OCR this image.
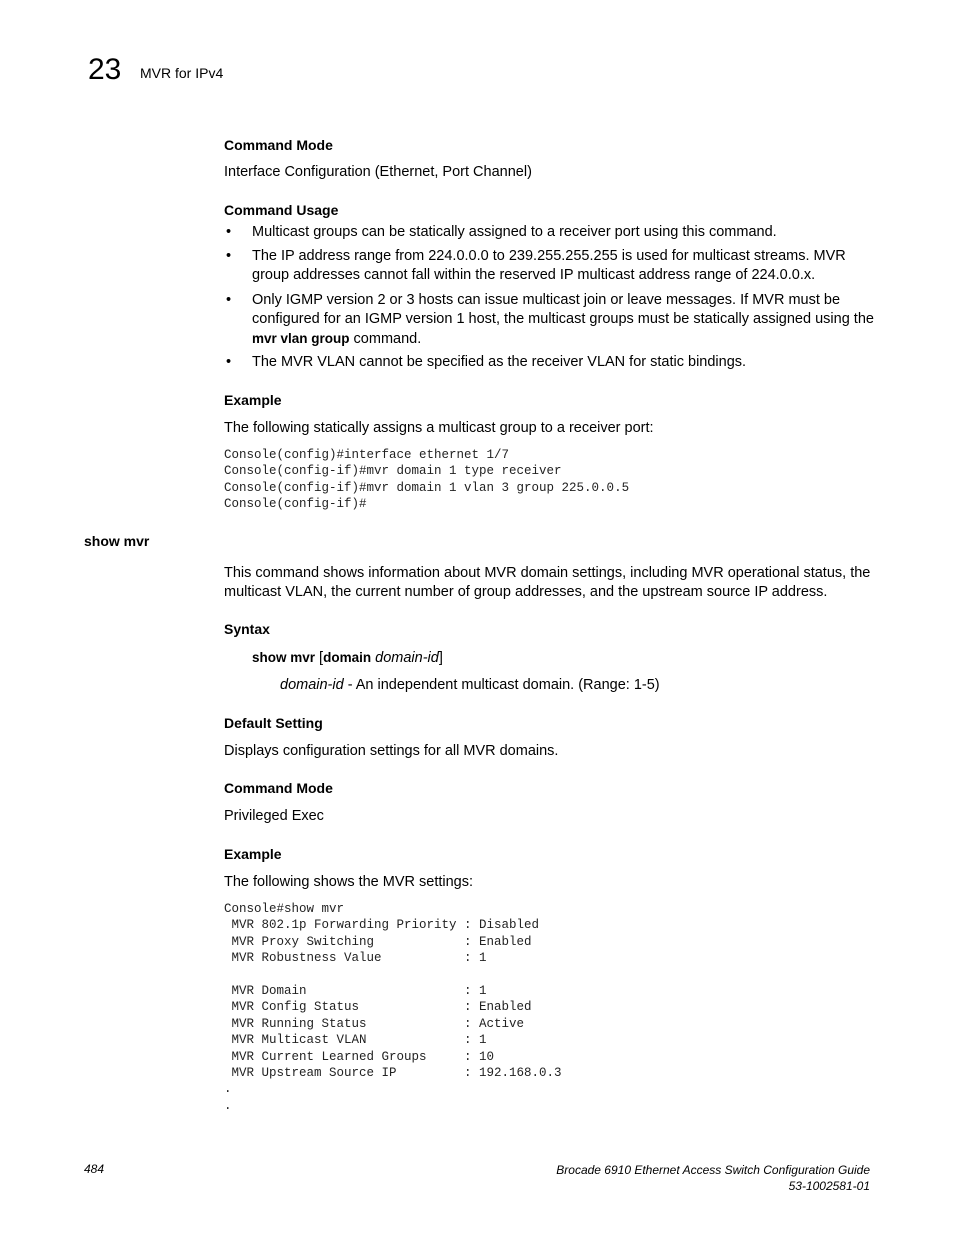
23 MVR for IPv4
Command Mode
Interface Configuration (Ethernet, Port Channel)
Command Usage
• Multicast groups can be statically assigned to a receiver port using this command.
• The IP address range from 224.0.0.0 to 239.255.255.255 is used for multicast streams. MVR group addresses cannot fall within the reserved IP multicast address range of 224.0.0.x.
• Only IGMP version 2 or 3 hosts can issue multicast join or leave messages. If MVR must be configured for an IGMP version 1 host, the multicast groups must be statically assigned using the mvr vlan group command.
• The MVR VLAN cannot be specified as the receiver VLAN for static bindings.
Example
The following statically assigns a multicast group to a receiver port:
Console(config)#interface ethernet 1/7
Console(config-if)#mvr domain 1 type receiver
Console(config-if)#mvr domain 1 vlan 3 group 225.0.0.5
Console(config-if)#
show mvr
This command shows information about MVR domain settings, including MVR operational status, the multicast VLAN, the current number of group addresses, and the upstream source IP address.
Syntax
show mvr [domain domain-id]
domain-id - An independent multicast domain. (Range: 1-5)
Default Setting
Displays configuration settings for all MVR domains.
Command Mode
Privileged Exec
Example
The following shows the MVR settings:
Console#show mvr
MVR 802.1p Forwarding Priority : Disabled
MVR Proxy Switching            : Enabled
MVR Robustness Value           : 1

MVR Domain                     : 1
MVR Config Status              : Enabled
MVR Running Status             : Active
MVR Multicast VLAN             : 1
MVR Current Learned Groups     : 10
MVR Upstream Source IP         : 192.168.0.3
.
.
484	Brocade 6910 Ethernet Access Switch Configuration Guide
53-1002581-01
